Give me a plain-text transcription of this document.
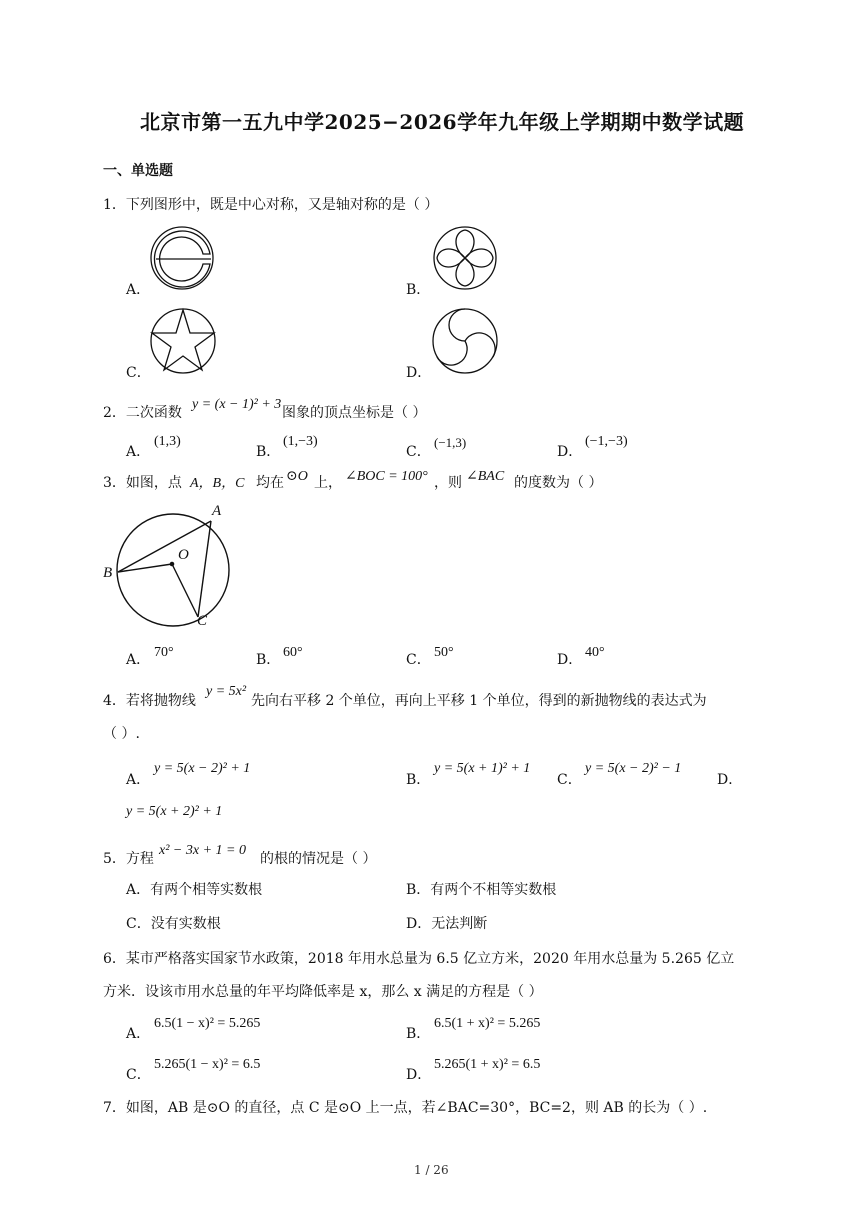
北京市第一五九中学2025−2026学年九年级上学期期中数学试题
一、单选题
1．下列图形中，既是中心对称，又是轴对称的是（ ）
A．	B．
C．	D．
2．二次函数
y = (x − 1)² + 3
图象的顶点坐标是（ ）
A．
(1,3)
B．
(1,−3)
C．
(−1,3)
D．
(−1,−3)
3．如图，点 A，B，C 均在 ⊙O 上， ∠BOC = 100° ，则 ∠BAC 的度数为（ ）
A
O
B
C
A． 70°	B． 60°	C． 50°	D． 40°
4．若将抛物线
y = 5x²
先向右平移 2 个单位，再向上平移 1 个单位，得到的新抛物线的表达式为
（ ）.
A．
y = 5(x − 2)² + 1
B．
y = 5(x + 1)² + 1
C．
y = 5(x − 2)² − 1
D．
y = 5(x + 2)² + 1
5．方程
x² − 3x + 1 = 0
的根的情况是（ ）
A．有两个相等实数根	B．有两个不相等实数根
C．没有实数根	D．无法判断
6．某市严格落实国家节水政策，2018 年用水总量为 6.5 亿立方米，2020 年用水总量为 5.265 亿立
方米．设该市用水总量的年平均降低率是 x，那么 x 满足的方程是（ ）
A．
6.5(1 − x)² = 5.265
B．
6.5(1 + x)² = 5.265
C．
5.265(1 − x)² = 6.5
D．
5.265(1 + x)² = 6.5
7．如图，AB 是⊙O 的直径，点 C 是⊙O 上一点，若∠BAC=30°，BC=2，则 AB 的长为（ ）.
1 / 26
